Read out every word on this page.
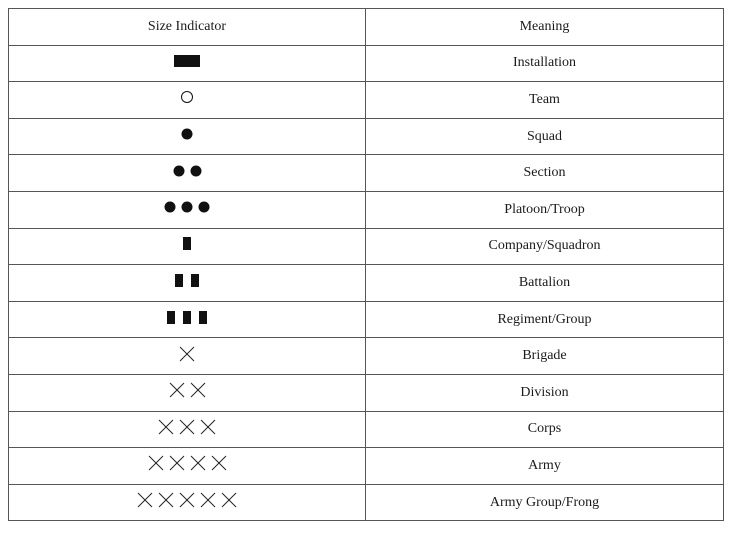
Size Indicator	Meaning

	Installation

	Team

	Squad

	Section

	Platoon/Troop

	Company/Squadron

	Battalion

	Regiment/Group

	Brigade

	Division

	Corps

	Army

	Army Group/Frong
